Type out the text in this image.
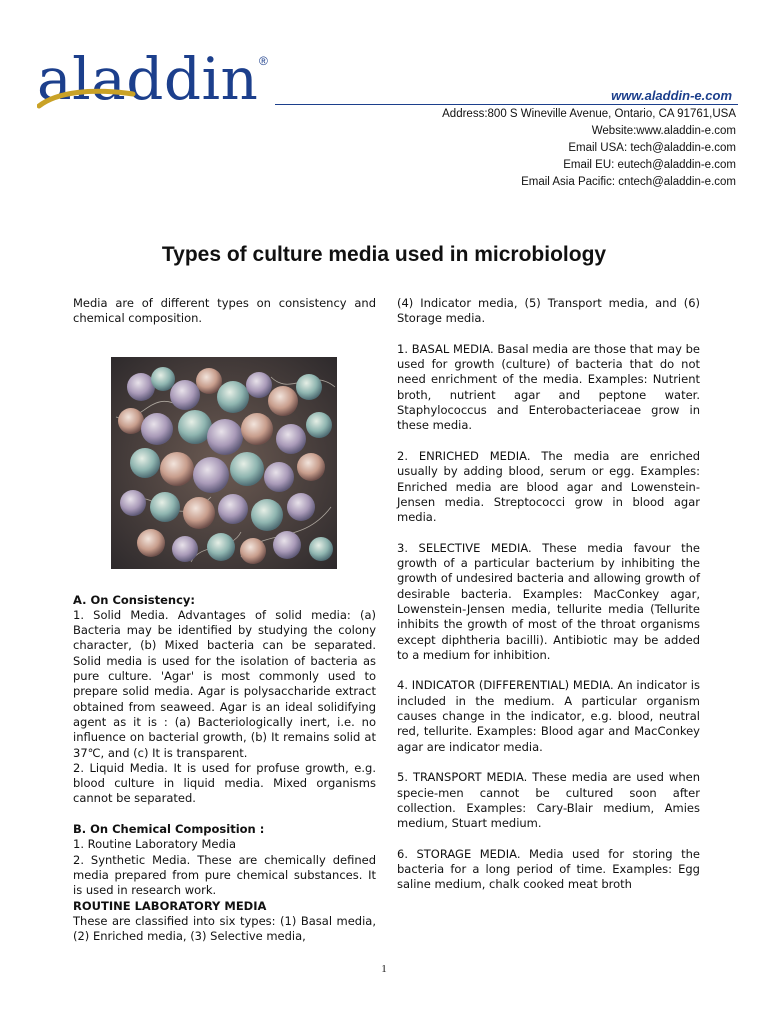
aladdin ®
www.aladdin-e.com
Address:800 S Wineville Avenue, Ontario, CA 91761,USA
Website:www.aladdin-e.com
Email USA: tech@aladdin-e.com
Email EU: eutech@aladdin-e.com
Email Asia Pacific: cntech@aladdin-e.com
Types of culture media used in microbiology

Media are of different types on consistency and chemical composition.

A. On Consistency:

1. Solid Media. Advantages of solid media: (a) Bacteria may be identified by studying the colony character, (b) Mixed bacteria can be separated. Solid media is used for the isolation of bacteria as pure culture. 'Agar' is most commonly used to prepare solid media. Agar is polysaccharide extract obtained from seaweed. Agar is an ideal solidifying agent as it is : (a) Bacteriologically inert, i.e. no influence on bacterial growth, (b) It remains solid at 37℃, and (c) It is transparent.

2. Liquid Media. It is used for profuse growth, e.g. blood culture in liquid media. Mixed organisms cannot be separated.

B. On Chemical Composition :

1. Routine Laboratory Media

2. Synthetic Media. These are chemically defined media prepared from pure chemical substances. It is used in research work.

ROUTINE LABORATORY MEDIA

These are classified into six types: (1) Basal media, (2) Enriched media, (3) Selective media,

(4) Indicator media, (5) Transport media, and (6) Storage media.

1. BASAL MEDIA. Basal media are those that may be used for growth (culture) of bacteria that do not need enrichment of the media. Examples: Nutrient broth, nutrient agar and peptone water. Staphylococcus and Enterobacteriaceae grow in these media.

2. ENRICHED MEDIA. The media are enriched usually by adding blood, serum or egg. Examples: Enriched media are blood agar and Lowenstein-Jensen media. Streptococci grow in blood agar media.

3. SELECTIVE MEDIA. These media favour the growth of a particular bacterium by inhibiting the growth of undesired bacteria and allowing growth of desirable bacteria. Examples: MacConkey agar, Lowenstein-Jensen media, tellurite media (Tellurite inhibits the growth of most of the throat organisms except diphtheria bacilli). Antibiotic may be added to a medium for inhibition.

4. INDICATOR (DIFFERENTIAL) MEDIA. An indicator is included in the medium. A particular organism causes change in the indicator, e.g. blood, neutral red, tellurite. Examples: Blood agar and MacConkey agar are indicator media.

5. TRANSPORT MEDIA. These media are used when specie-men cannot be cultured soon after collection. Examples: Cary-Blair medium, Amies medium, Stuart medium.

6. STORAGE MEDIA. Media used for storing the bacteria for a long period of time. Examples: Egg saline medium, chalk cooked meat broth

1
